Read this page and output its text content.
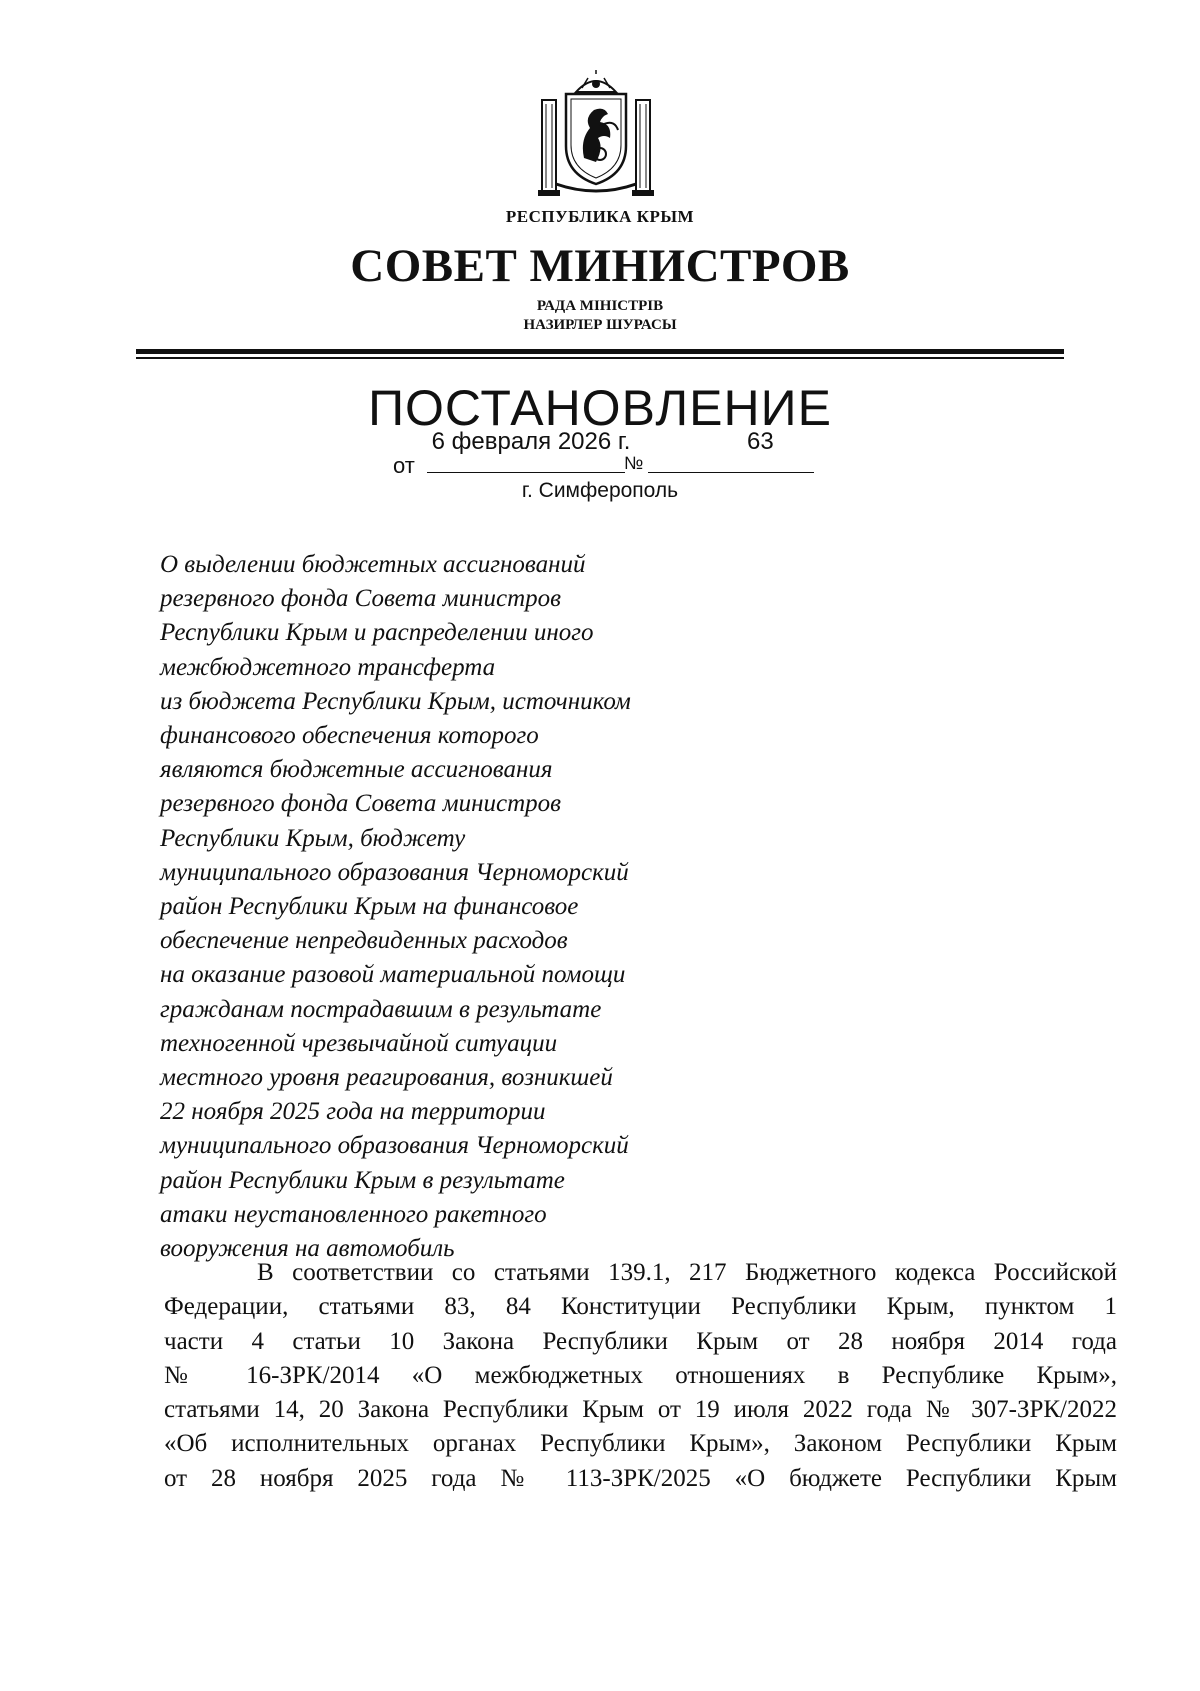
РЕСПУБЛИКА КРЫМ
СОВЕТ МИНИСТРОВ
РАДА МІНІСТРІВ
НАЗИРЛЕР ШУРАСЫ
ПОСТАНОВЛЕНИЕ
от
6 февраля 2026 г.
№
63
г. Симферополь
О выделении бюджетных ассигнований
резервного фонда Совета министров
Республики Крым и распределении иного
межбюджетного трансферта
из бюджета Республики Крым, источником
финансового обеспечения которого
являются бюджетные ассигнования
резервного фонда Совета министров
Республики Крым, бюджету
муниципального образования Черноморский
район Республики Крым на финансовое
обеспечение непредвиденных расходов
на оказание разовой материальной помощи
гражданам пострадавшим в результате
техногенной чрезвычайной ситуации
местного уровня реагирования, возникшей
22 ноября 2025 года на территории
муниципального образования Черноморский
район Республики Крым в результате
атаки неустановленного ракетного
вооружения на автомобиль
В соответствии со статьями 139.1, 217 Бюджетного кодекса Российской
Федерации, статьями 83, 84 Конституции Республики Крым, пунктом 1
части 4 статьи 10 Закона Республики Крым от 28 ноября 2014 года
№ 16-ЗРК/2014 «О межбюджетных отношениях в Республике Крым»,
статьями 14, 20 Закона Республики Крым от 19 июля 2022 года № 307-ЗРК/2022
«Об исполнительных органах Республики Крым», Законом Республики Крым
от 28 ноября 2025 года № 113-ЗРК/2025 «О бюджете Республики Крым
